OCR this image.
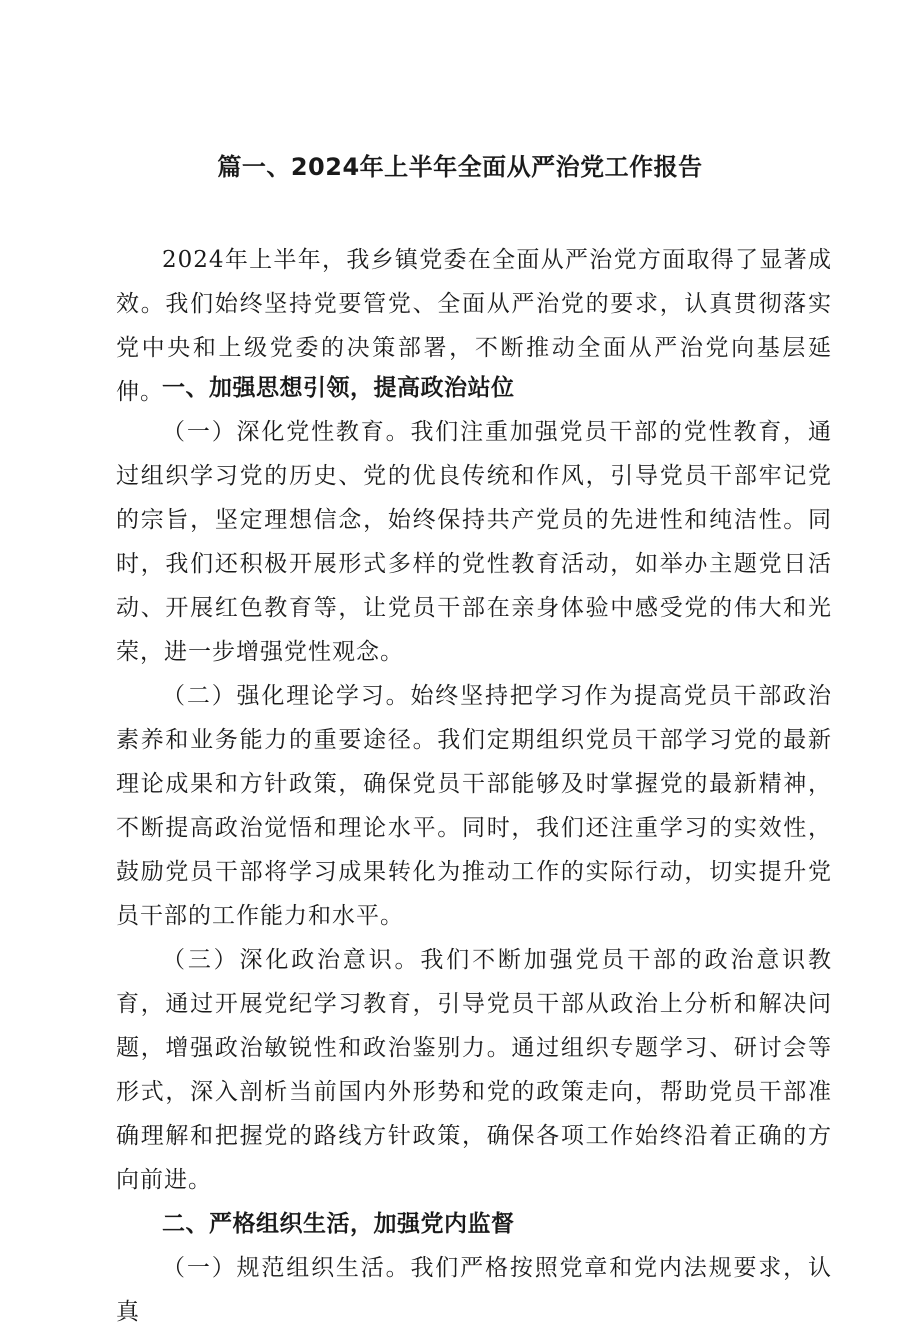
篇一、2024年上半年全面从严治党工作报告

2024年上半年，我乡镇党委在全面从严治党方面取得了显著成效。我们始终坚持党要管党、全面从严治党的要求，认真贯彻落实党中央和上级党委的决策部署，不断推动全面从严治党向基层延伸。

一、加强思想引领，提高政治站位

（一）深化党性教育。我们注重加强党员干部的党性教育，通过组织学习党的历史、党的优良传统和作风，引导党员干部牢记党的宗旨，坚定理想信念，始终保持共产党员的先进性和纯洁性。同时，我们还积极开展形式多样的党性教育活动，如举办主题党日活动、开展红色教育等，让党员干部在亲身体验中感受党的伟大和光荣，进一步增强党性观念。

（二）强化理论学习。始终坚持把学习作为提高党员干部政治素养和业务能力的重要途径。我们定期组织党员干部学习党的最新理论成果和方针政策，确保党员干部能够及时掌握党的最新精神，不断提高政治觉悟和理论水平。同时，我们还注重学习的实效性，鼓励党员干部将学习成果转化为推动工作的实际行动，切实提升党员干部的工作能力和水平。

（三）深化政治意识。我们不断加强党员干部的政治意识教育，通过开展党纪学习教育，引导党员干部从政治上分析和解决问题，增强政治敏锐性和政治鉴别力。通过组织专题学习、研讨会等形式，深入剖析当前国内外形势和党的政策走向，帮助党员干部准确理解和把握党的路线方针政策，确保各项工作始终沿着正确的方向前进。

二、严格组织生活，加强党内监督

（一）规范组织生活。我们严格按照党章和党内法规要求，认真
